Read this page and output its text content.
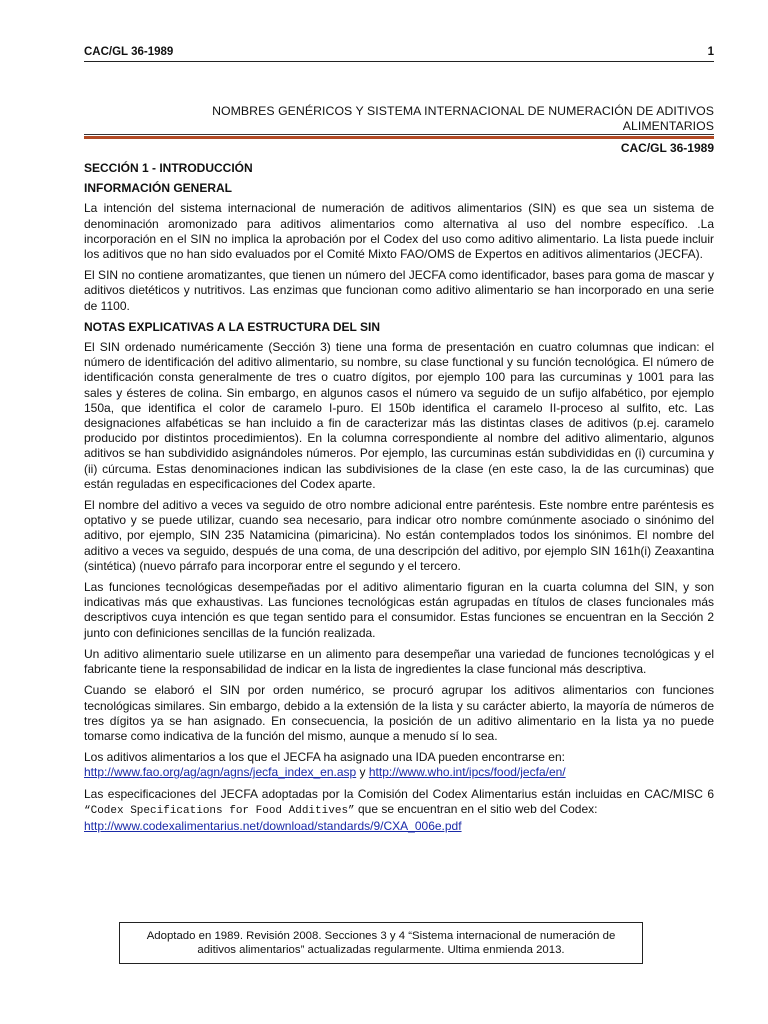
CAC/GL 36-1989	1
NOMBRES GENÉRICOS Y SISTEMA INTERNACIONAL DE NUMERACIÓN DE ADITIVOS
ALIMENTARIOS
CAC/GL 36-1989
SECCIÓN 1 - INTRODUCCIÓN
INFORMACIÓN GENERAL

La intención del sistema internacional de numeración de aditivos alimentarios (SIN) es que sea un sistema de denominación aromonizado para aditivos alimentarios como alternativa al uso del nombre específico. .La incorporación en el SIN no implica la aprobación por el Codex del uso como aditivo alimentario. La lista puede incluir los aditivos que no han sido evaluados por el Comité Mixto FAO/OMS de Expertos en aditivos alimentarios (JECFA).

El SIN no contiene aromatizantes, que tienen un número del JECFA como identificador, bases para goma de mascar y aditivos dietéticos y nutritivos. Las enzimas que funcionan como aditivo alimentario se han incorporado en una serie de 1100.

NOTAS EXPLICATIVAS A LA ESTRUCTURA DEL SIN

El SIN ordenado numéricamente (Sección 3) tiene una forma de presentación en cuatro columnas que indican: el número de identificación del aditivo alimentario, su nombre, su clase functional y su función tecnológica. El número de identificación consta generalmente de tres o cuatro dígitos, por ejemplo 100 para las curcuminas y 1001 para las sales y ésteres de colina. Sin embargo, en algunos casos el número va seguido de un sufijo alfabético, por ejemplo 150a, que identifica el color de caramelo I-puro. El 150b identifica el caramelo II-proceso al sulfito, etc. Las designaciones alfabéticas se han incluido a fin de caracterizar más las distintas clases de aditivos (p.ej. caramelo producido por distintos procedimientos). En la columna correspondiente al nombre del aditivo alimentario, algunos aditivos se han subdividido asignándoles números. Por ejemplo, las curcuminas están subdivididas en (i) curcumina y (ii) cúrcuma. Estas denominaciones indican las subdivisiones de la clase (en este caso, la de las curcuminas) que están reguladas en especificaciones del Codex aparte.

El nombre del aditivo a veces va seguido de otro nombre adicional entre paréntesis. Este nombre entre paréntesis es optativo y se puede utilizar, cuando sea necesario, para indicar otro nombre comúnmente asociado o sinónimo del aditivo, por ejemplo, SIN 235 Natamicina (pimaricina). No están contemplados todos los sinónimos. El nombre del aditivo a veces va seguido, después de una coma, de una descripción del aditivo, por ejemplo SIN 161h(i) Zeaxantina (sintética) (nuevo párrafo para incorporar entre el segundo y el tercero.

Las funciones tecnológicas desempeñadas por el aditivo alimentario figuran en la cuarta columna del SIN, y son indicativas más que exhaustivas. Las funciones tecnológicas están agrupadas en títulos de clases funcionales más descriptivos cuya intención es que tegan sentido para el consumidor. Estas funciones se encuentran en la Sección 2 junto con definiciones sencillas de la función realizada.

Un aditivo alimentario suele utilizarse en un alimento para desempeñar una variedad de funciones tecnológicas y el fabricante tiene la responsabilidad de indicar en la lista de ingredientes la clase funcional más descriptiva.

Cuando se elaboró el SIN por orden numérico, se procuró agrupar los aditivos alimentarios con funciones tecnológicas similares. Sin embargo, debido a la extensión de la lista y su carácter abierto, la mayoría de números de tres dígitos ya se han asignado. En consecuencia, la posición de un aditivo alimentario en la lista ya no puede tomarse como indicativa de la función del mismo, aunque a menudo sí lo sea.

Los aditivos alimentarios a los que el JECFA ha asignado una IDA pueden encontrarse en:
http://www.fao.org/ag/agn/agns/jecfa_index_en.asp y http://www.who.int/ipcs/food/jecfa/en/

Las especificaciones del JECFA adoptadas por la Comisión del Codex Alimentarius están incluidas en CAC/MISC 6 “Codex Specifications for Food Additives” que se encuentran en el sitio web del Codex:
http://www.codexalimentarius.net/download/standards/9/CXA_006e.pdf

Adoptado en 1989. Revisión 2008. Secciones 3 y 4 “Sistema internacional de numeración de aditivos alimentarios” actualizadas regularmente. Ultima enmienda 2013.
